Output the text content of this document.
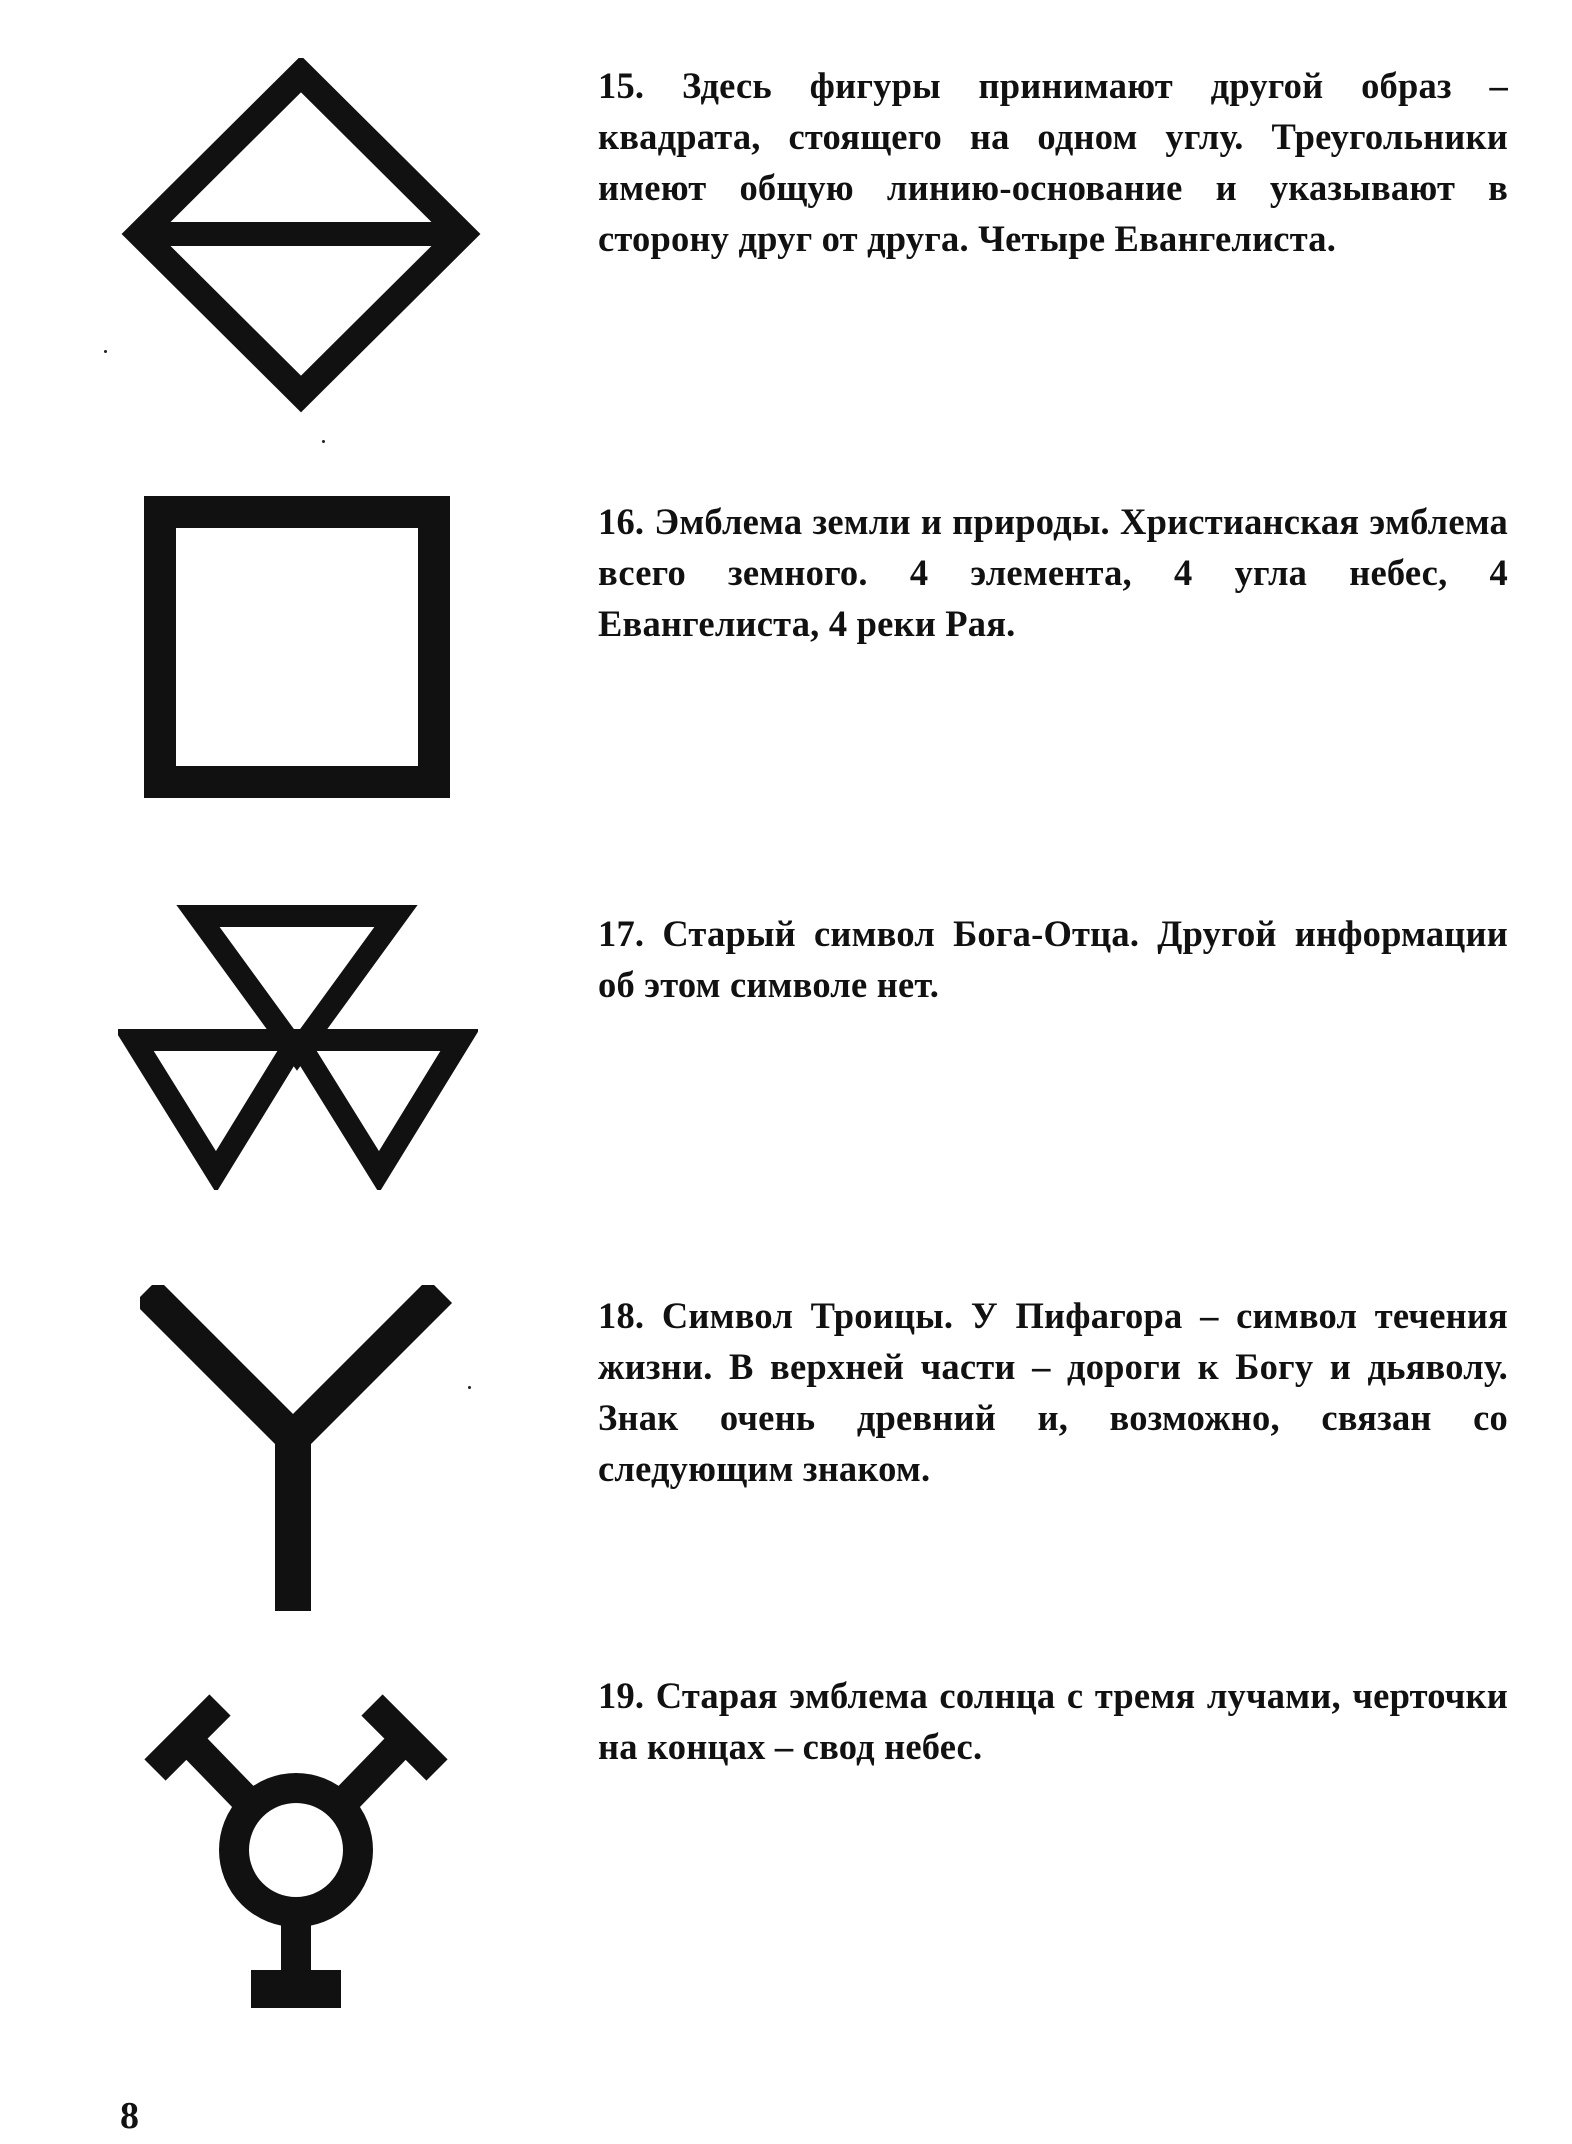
15. Здесь фигуры принимают другой образ – квадрата, стоящего на одном углу. Треугольники имеют общую линию-основание и указывают в сторону друг от друга. Четыре Евангелиста.

16. Эмблема земли и природы. Христианская эмблема всего земного. 4 элемента, 4 угла небес, 4 Евангелиста, 4 реки Рая.

17. Старый символ Бога-Отца. Другой информации об этом символе нет.

18. Символ Троицы. У Пифагора – символ течения жизни. В верхней части – дороги к Богу и дьяволу. Знак очень древний и, возможно, связан со следующим знаком.

19. Старая эмблема солнца с тремя лучами, черточки на концах – свод небес.

8
